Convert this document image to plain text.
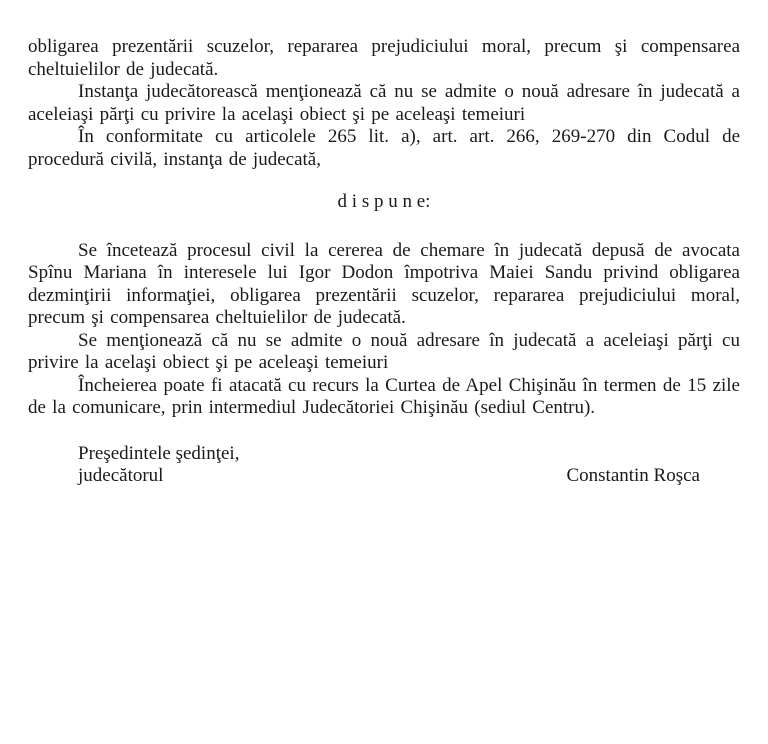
obligarea prezentării scuzelor, repararea prejudiciului moral, precum şi compensarea cheltuielilor de judecată.

Instanţa judecătorească menţionează că nu se admite o nouă adresare în judecată a aceleiaşi părţi cu privire la acelaşi obiect şi pe aceleaşi temeiuri

În conformitate cu articolele 265 lit. a), art. art. 266, 269-270 din Codul de procedură civilă, instanţa de judecată,

d i s p u n e:

Se încetează procesul civil la cererea de chemare în judecată depusă de avocata Spînu Mariana în interesele lui Igor Dodon împotriva Maiei Sandu privind obligarea dezminţirii informaţiei, obligarea prezentării scuzelor, repararea prejudiciului moral, precum şi compensarea cheltuielilor de judecată.

Se menţionează că nu se admite o nouă adresare în judecată a aceleiaşi părţi cu privire la acelaşi obiect şi pe aceleaşi temeiuri

Încheierea poate fi atacată cu recurs la Curtea de Apel Chişinău în termen de 15 zile de la comunicare, prin intermediul Judecătoriei Chişinău (sediul Centru).

Preşedintele şedinţei,
judecătorul	Constantin Roşca
